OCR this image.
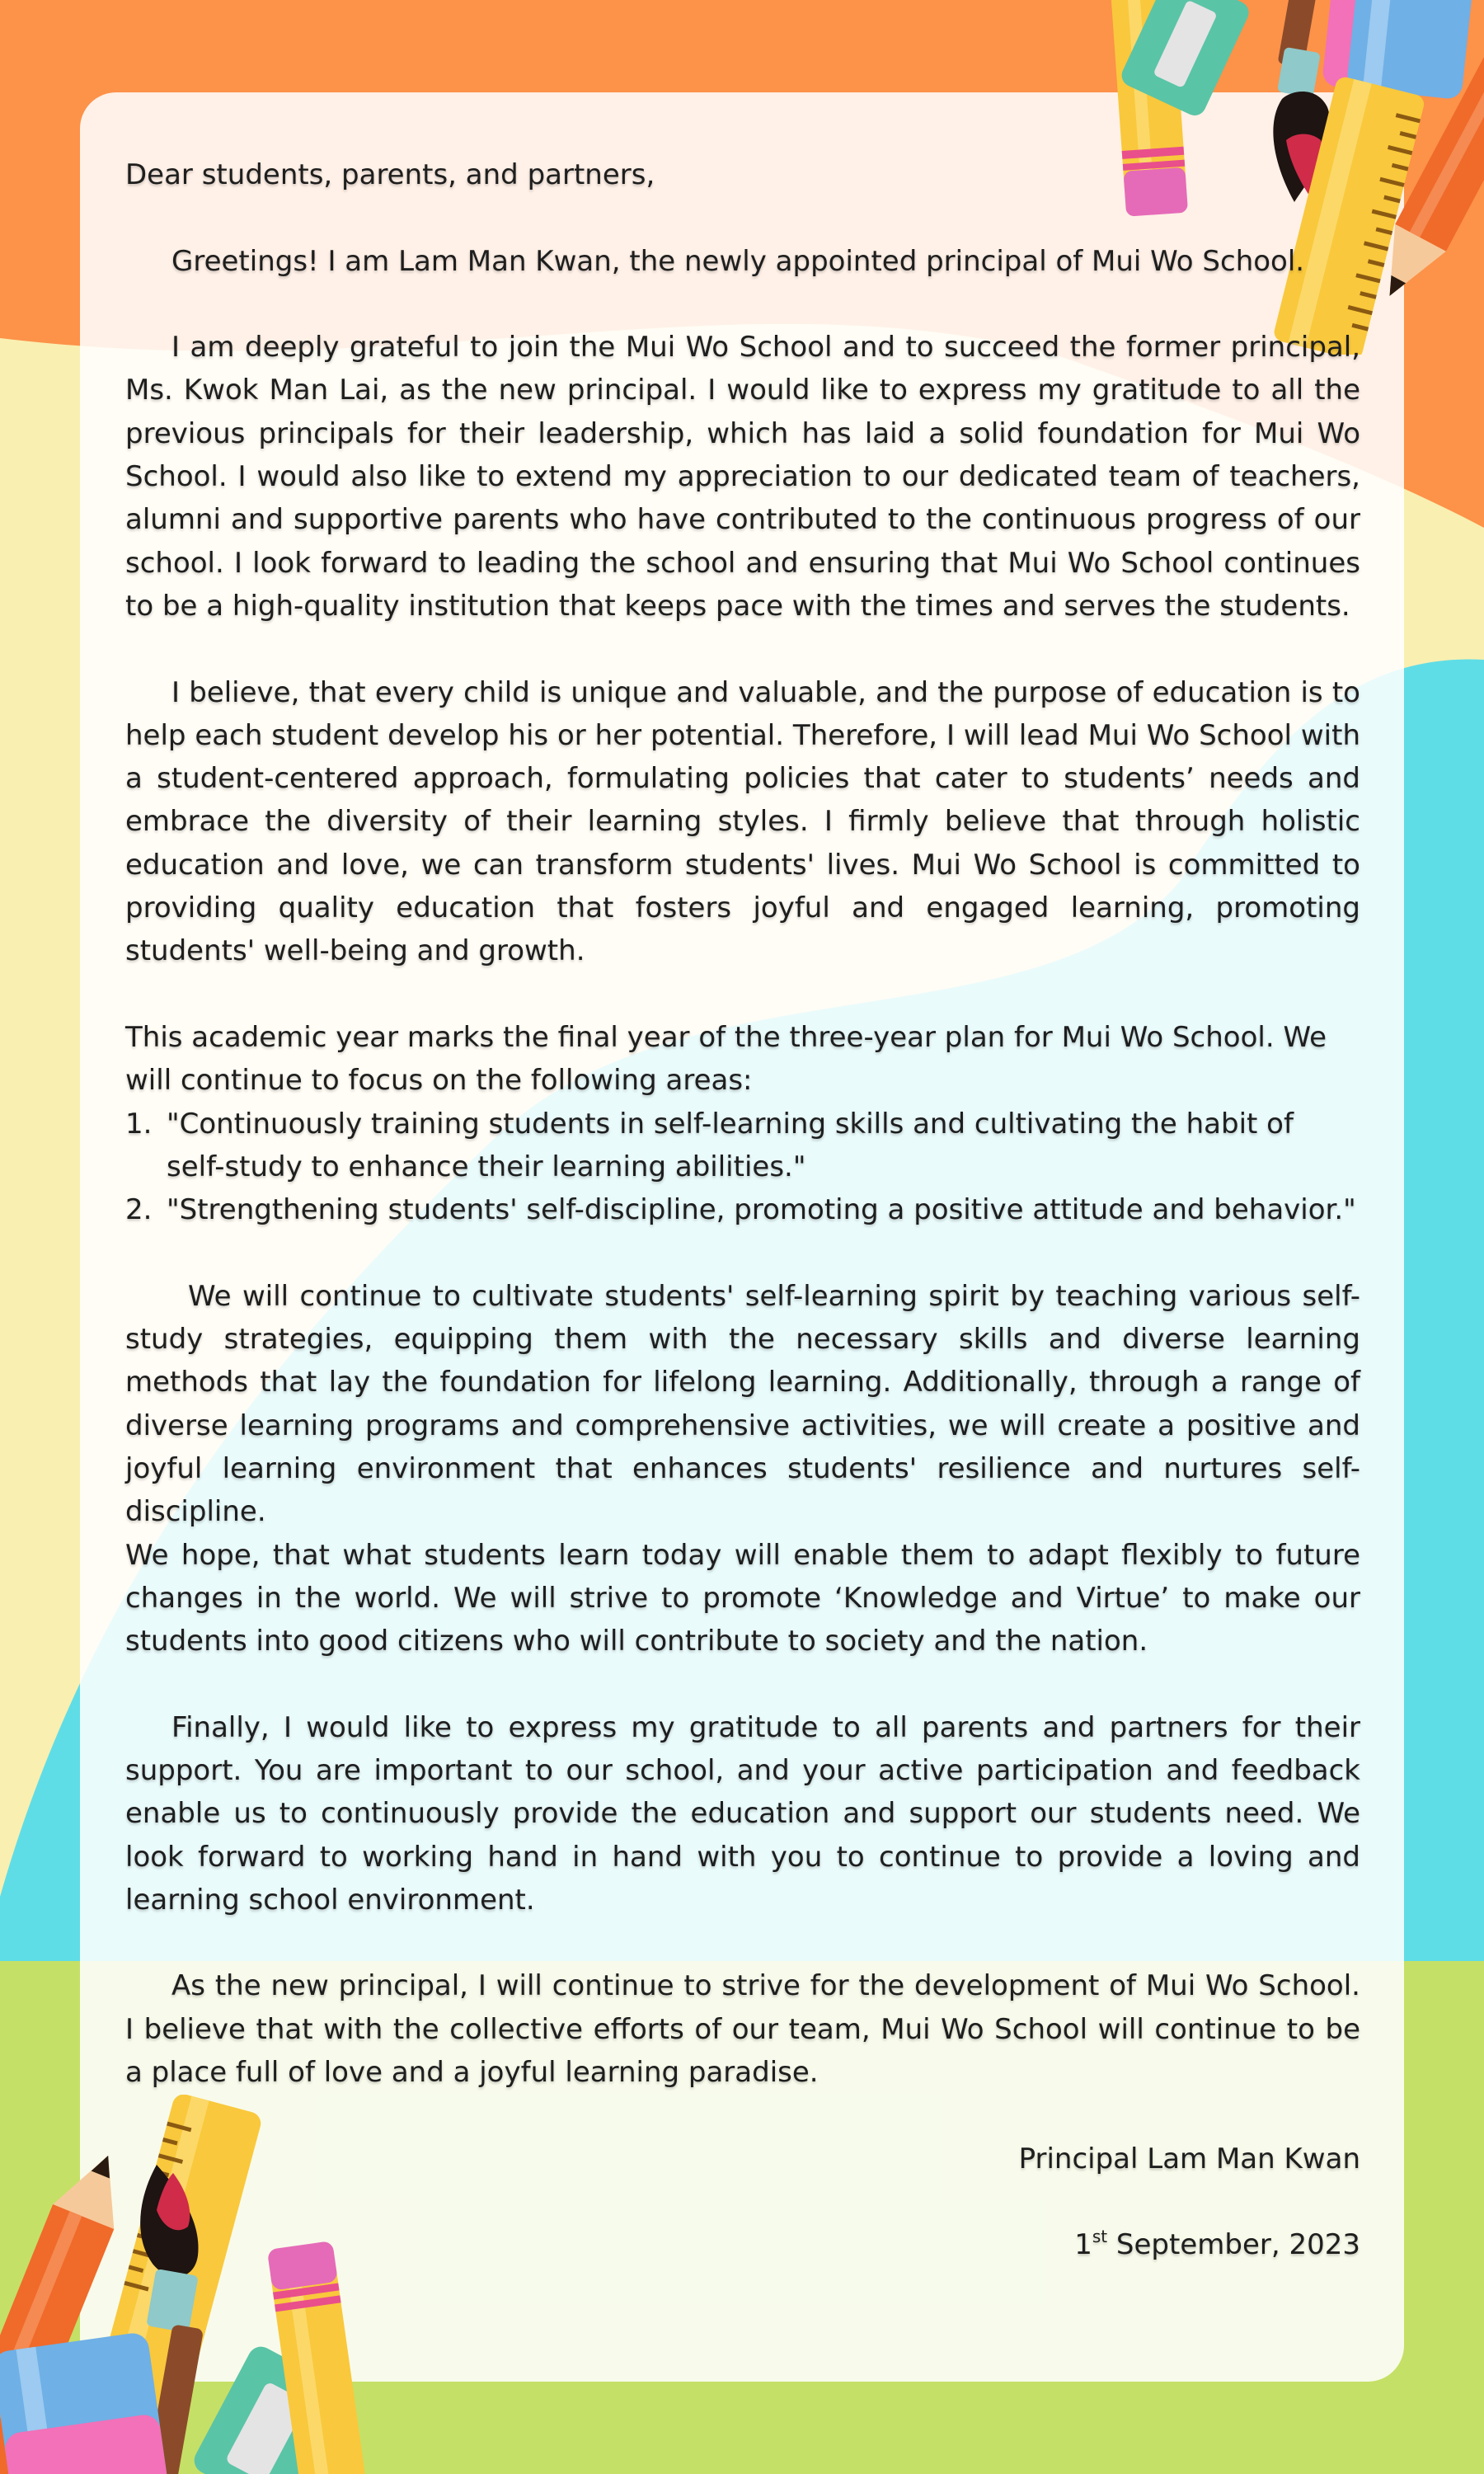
Dear students, parents, and partners,

Greetings! I am Lam Man Kwan, the newly appointed principal of Mui Wo School.

I am deeply grateful to join the Mui Wo School and to succeed the former principal, Ms. Kwok Man Lai, as the new principal. I would like to express my gratitude to all the previous principals for their leadership, which has laid a solid foundation for Mui Wo School. I would also like to extend my appreciation to our dedicated team of teachers, alumni and supportive parents who have contributed to the continuous progress of our school. I look forward to leading the school and ensuring that Mui Wo School continues to be a high-quality institution that keeps pace with the times and serves the students.

I believe, that every child is unique and valuable, and the purpose of education is to help each student develop his or her potential. Therefore, I will lead Mui Wo School with a student-centered approach, formulating policies that cater to students’ needs and embrace the diversity of their learning styles. I firmly believe that through holistic education and love, we can transform students' lives. Mui Wo School is committed to providing quality education that fosters joyful and engaged learning, promoting students' well-being and growth.

This academic year marks the final year of the three-year plan for Mui Wo School. We will continue to focus on the following areas:

1. "Continuously training students in self-learning skills and cultivating the habit of self-study to enhance their learning abilities."
2. "Strengthening students' self-discipline, promoting a positive attitude and behavior."

We will continue to cultivate students' self-learning spirit by teaching various self-study strategies, equipping them with the necessary skills and diverse learning methods that lay the foundation for lifelong learning. Additionally, through a range of diverse learning programs and comprehensive activities, we will create a positive and joyful learning environment that enhances students' resilience and nurtures self-discipline.

We hope, that what students learn today will enable them to adapt flexibly to future changes in the world. We will strive to promote ‘Knowledge and Virtue’ to make our students into good citizens who will contribute to society and the nation.

Finally, I would like to express my gratitude to all parents and partners for their support. You are important to our school, and your active participation and feedback enable us to continuously provide the education and support our students need. We look forward to working hand in hand with you to continue to provide a loving and learning school environment.

As the new principal, I will continue to strive for the development of Mui Wo School. I believe that with the collective efforts of our team, Mui Wo School will continue to be a place full of love and a joyful learning paradise.

Principal Lam Man Kwan

1st September, 2023
